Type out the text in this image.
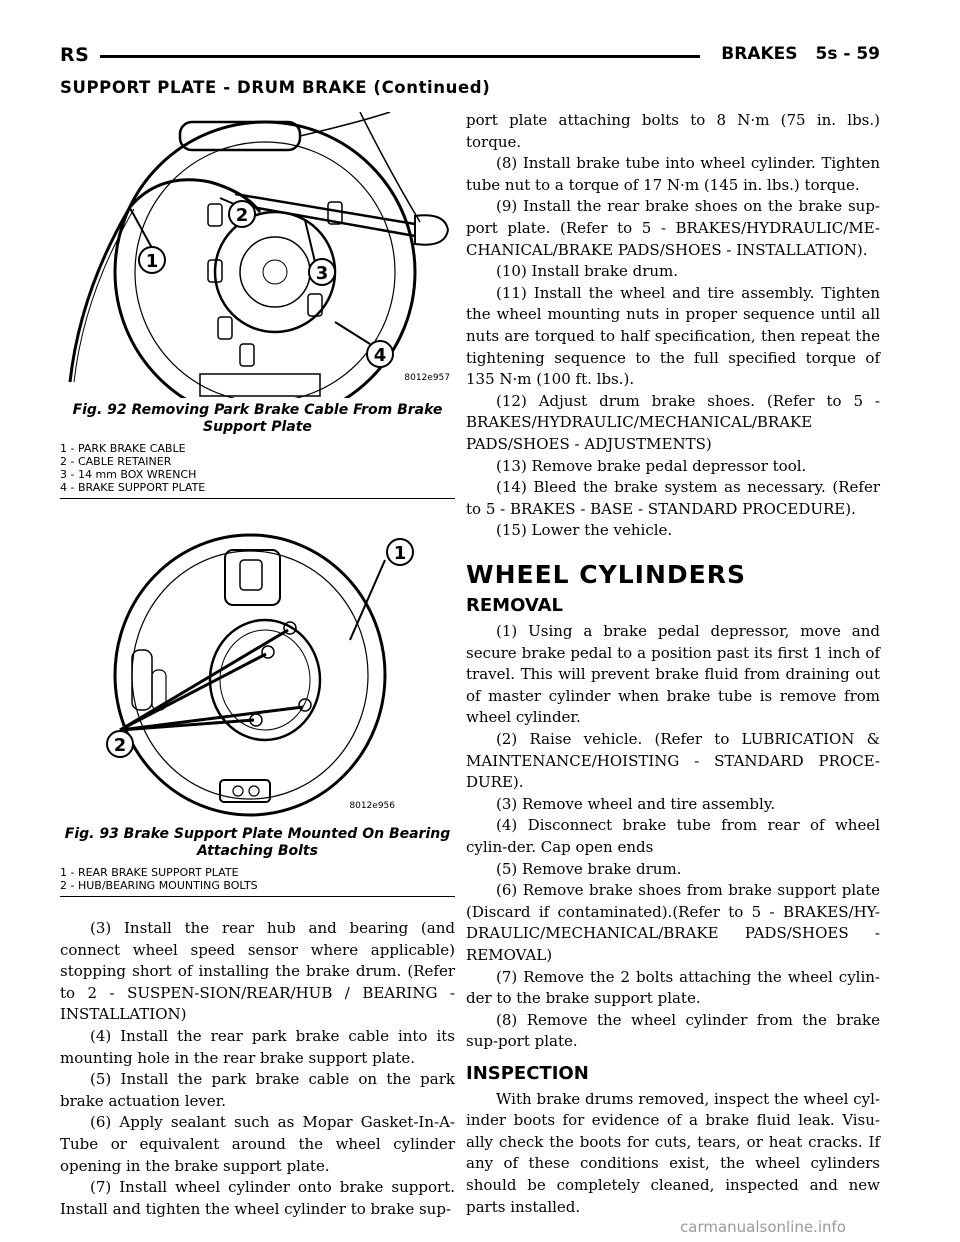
RS	BRAKES 5s - 59
SUPPORT PLATE - DRUM BRAKE (Continued)
1
2
3
4
8012e957
Fig. 92 Removing Park Brake Cable From Brake Support Plate
1 - PARK BRAKE CABLE
2 - CABLE RETAINER
3 - 14 mm BOX WRENCH
4 - BRAKE SUPPORT PLATE
1
2
8012e956
Fig. 93 Brake Support Plate Mounted On Bearing Attaching Bolts
1 - REAR BRAKE SUPPORT PLATE
2 - HUB/BEARING MOUNTING BOLTS

(3) Install the rear hub and bearing (and connect wheel speed sensor where applicable) stopping short of installing the brake drum. (Refer to 2 - SUSPEN-SION/REAR/HUB / BEARING - INSTALLATION)

(4) Install the rear park brake cable into its mounting hole in the rear brake support plate.

(5) Install the park brake cable on the park brake actuation lever.

(6) Apply sealant such as Mopar Gasket-In-A-Tube or equivalent around the wheel cylinder opening in the brake support plate.

(7) Install wheel cylinder onto brake support. Install and tighten the wheel cylinder to brake sup-

port plate attaching bolts to 8 N·m (75 in. lbs.) torque.

(8) Install brake tube into wheel cylinder. Tighten tube nut to a torque of 17 N·m (145 in. lbs.) torque.

(9) Install the rear brake shoes on the brake sup-port plate. (Refer to 5 - BRAKES/HYDRAULIC/ME-CHANICAL/BRAKE PADS/SHOES - INSTALLATION).

(10) Install brake drum.

(11) Install the wheel and tire assembly. Tighten the wheel mounting nuts in proper sequence until all nuts are torqued to half specification, then repeat the tightening sequence to the full specified torque of 135 N·m (100 ft. lbs.).

(12) Adjust drum brake shoes. (Refer to 5 - BRAKES/HYDRAULIC/MECHANICAL/BRAKE PADS/SHOES - ADJUSTMENTS)

(13) Remove brake pedal depressor tool.

(14) Bleed the brake system as necessary. (Refer to 5 - BRAKES - BASE - STANDARD PROCEDURE).

(15) Lower the vehicle.

WHEEL CYLINDERS
REMOVAL

(1) Using a brake pedal depressor, move and secure brake pedal to a position past its first 1 inch of travel. This will prevent brake fluid from draining out of master cylinder when brake tube is remove from wheel cylinder.

(2) Raise vehicle. (Refer to LUBRICATION & MAINTENANCE/HOISTING - STANDARD PROCE-DURE).

(3) Remove wheel and tire assembly.

(4) Disconnect brake tube from rear of wheel cylin-der. Cap open ends

(5) Remove brake drum.

(6) Remove brake shoes from brake support plate (Discard if contaminated).(Refer to 5 - BRAKES/HY-DRAULIC/MECHANICAL/BRAKE PADS/SHOES - REMOVAL)

(7) Remove the 2 bolts attaching the wheel cylin-der to the brake support plate.

(8) Remove the wheel cylinder from the brake sup-port plate.

INSPECTION

With brake drums removed, inspect the wheel cyl-inder boots for evidence of a brake fluid leak. Visu-ally check the boots for cuts, tears, or heat cracks. If any of these conditions exist, the wheel cylinders should be completely cleaned, inspected and new parts installed.

carmanualsonline.info
